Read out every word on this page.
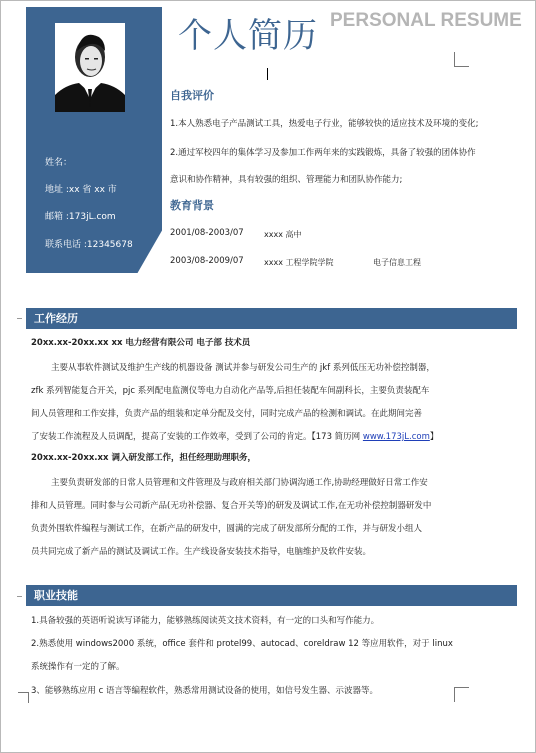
姓名：
地址 :xx 省 xx 市
邮箱 :173jL.com
联系电话 :12345678
个人简历 PERSONAL RESUME
自我评价
1.本人熟悉电子产品测试工具，热爱电子行业，能够较快的适应技术及环境的变化;
2.通过军校四年的集体学习及参加工作两年来的实践锻炼，具备了较强的团体协作
意识和协作精神，具有较强的组织、管理能力和团队协作能力;
教育背景
2001/08-2003/07	xxxx 高中
2003/08-2009/07	xxxx 工程学院学院	电子信息工程
工作经历
20xx.xx-20xx.xx xx 电力经营有限公司 电子部 技术员
主要从事软件测试及维护生产线的机器设备 测试并参与研发公司生产的 jkf 系列低压无功补偿控制器，
zfk 系列智能复合开关，pjc 系列配电监测仪等电力自动化产品等,后担任装配车间副科长，主要负责装配车
间人员管理和工作安排，负责产品的组装和定单分配及交付，同时完成产品的检测和调试。在此期间完善
了安装工作流程及人员调配，提高了安装的工作效率，受到了公司的肯定。【173 简历网 www.173jL.com】
20xx.xx-20xx.xx 调入研发部工作，担任经理助理职务，
主要负责研发部的日常人员管理和文件管理及与政府相关部门协调沟通工作,协助经理做好日常工作安
排和人员管理。同时参与公司新产品(无功补偿器、复合开关等)的研发及调试工作,在无功补偿控制器研发中
负责外围软件编程与测试工作，在新产品的研发中，圆满的完成了研发部所分配的工作，并与研发小组人
员共同完成了新产品的测试及调试工作。生产线设备安装技术指导，电脑维护及软件安装。
职业技能
1.具备较强的英语听说读写译能力，能够熟练阅读英文技术资料，有一定的口头和写作能力。
2.熟悉使用 windows2000 系统，office 套件和 protel99、autocad、coreldraw 12 等应用软件，对于 linux
系统操作有一定的了解。
3、能够熟练应用 c 语言等编程软件，熟悉常用测试设备的使用，如信号发生器、示波器等。
